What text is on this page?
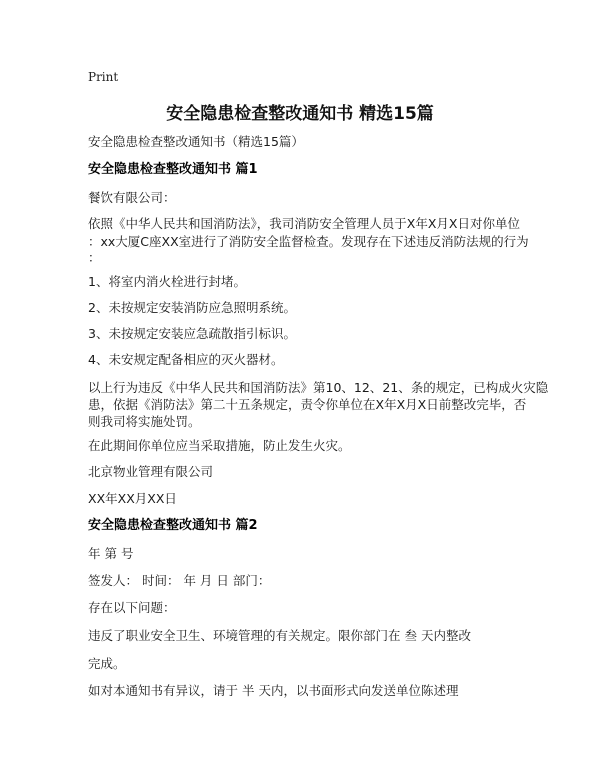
Print
安全隐患检查整改通知书 精选15篇
安全隐患检查整改通知书（精选15篇）
安全隐患检查整改通知书 篇1
餐饮有限公司：
依照《中华人民共和国消防法》，我司消防安全管理人员于X年X月X日对你单位
：xx大厦C座XX室进行了消防安全监督检查。发现存在下述违反消防法规的行为
：
1、将室内消火栓进行封堵。
2、未按规定安装消防应急照明系统。
3、未按规定安装应急疏散指引标识。
4、未安规定配备相应的灭火器材。
以上行为违反《中华人民共和国消防法》第10、12、21、条的规定，已构成火灾隐
患，依据《消防法》第二十五条规定，责令你单位在X年X月X日前整改完毕，否
则我司将实施处罚。
在此期间你单位应当采取措施，防止发生火灾。
北京物业管理有限公司
XX年XX月XX日
安全隐患检查整改通知书 篇2
年 第 号
签发人： 时间： 年 月 日 部门：
存在以下问题：
违反了职业安全卫生、环境管理的有关规定。限你部门在 叁 天内整改
完成。
如对本通知书有异议，请于 半 天内，以书面形式向发送单位陈述理
